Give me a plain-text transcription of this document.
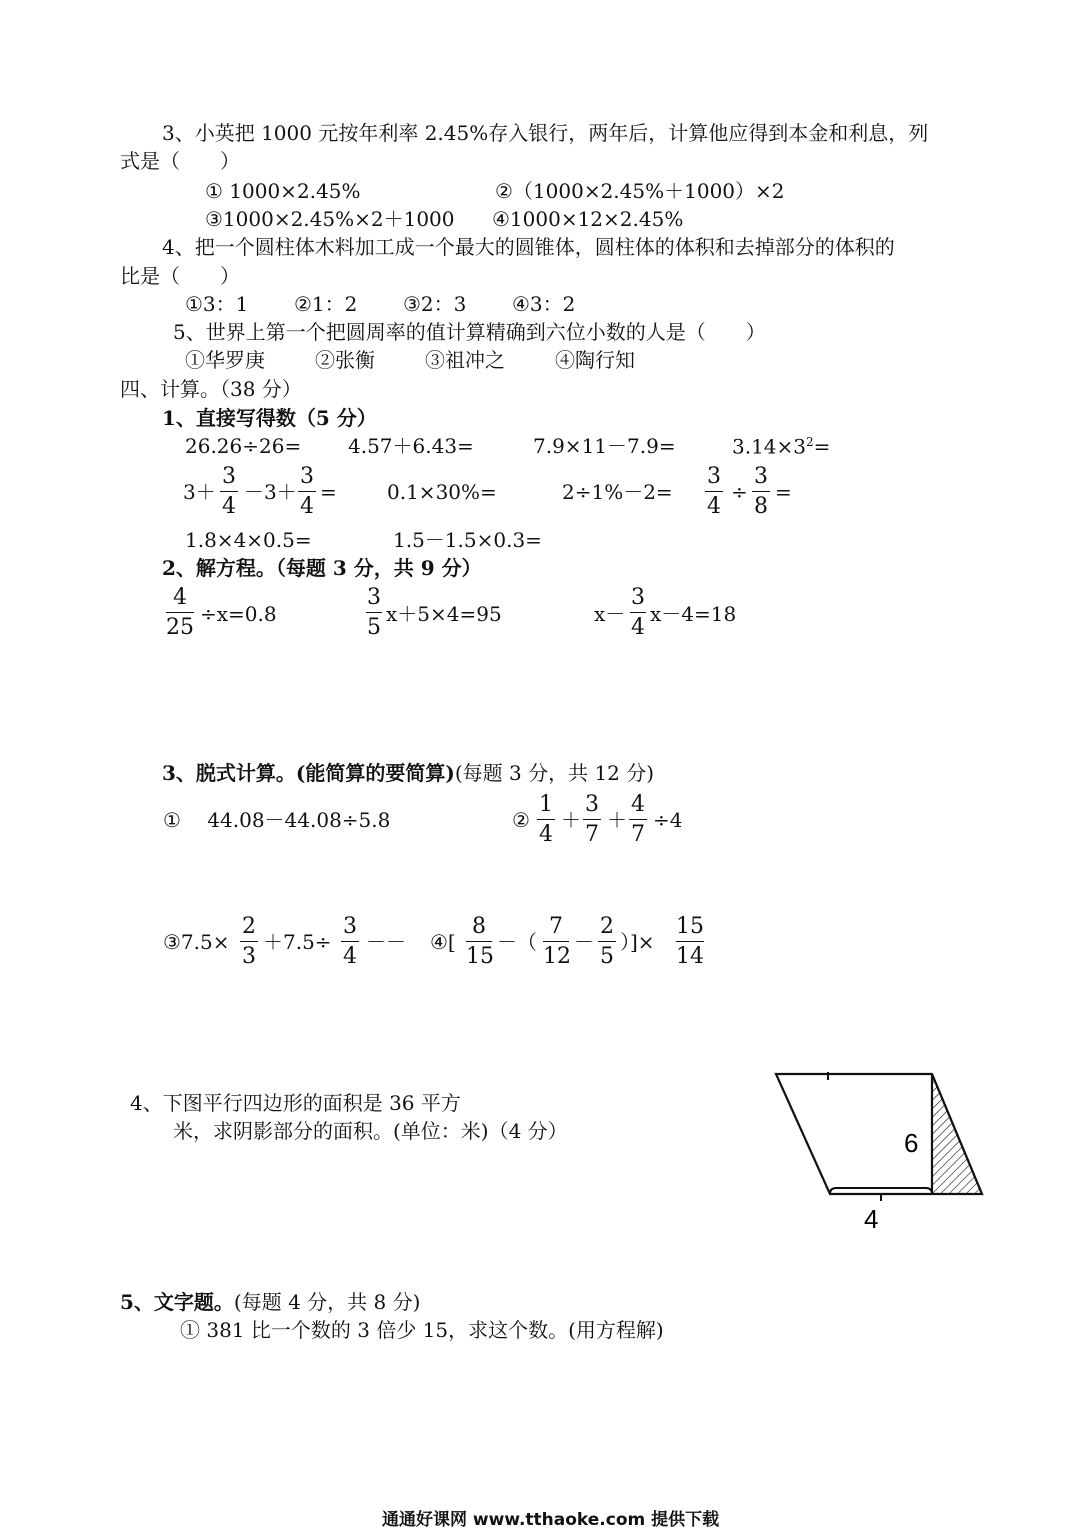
3、小英把 1000 元按年利率 2.45%存入银行，两年后，计算他应得到本金和利息，列
式是（　　）
① 1000×2.45%	②（1000×2.45%＋1000）×2
③1000×2.45%×2＋1000 ④1000×12×2.45%
4、把一个圆柱体木料加工成一个最大的圆锥体，圆柱体的体积和去掉部分的体积的
比是（　　）
①3：1 ②1：2 ③2：3 ④3：2
5、世界上第一个把圆周率的值计算精确到六位小数的人是（　　）
①华罗庚	②张衡	③祖冲之	④陶行知
四、计算。（38 分）
1、直接写得数（5 分）
26.26÷26= 4.57＋6.43=	7.9×11－7.9=	$3.14\times 3^2=$
3＋
3
4
－3＋
3
4
=	0.1×30%=	2÷1%－2=
3
4
÷
3
8
=
1.8×4×0.5=	1.5－1.5×0.3=
2、解方程。（每题 3 分，共 9 分）
4
25
÷x=0.8
3
5
x＋5×4=95	x－
3
4
x－4=18
3、脱式计算。(能简算的要简算)(每题 3 分，共 12 分)
①　 44.08－44.08÷5.8	②
1
4
＋
3
7
＋
4
7
÷4
③7.5×
2
3
＋7.5÷
3
4
－－ ④[
8
15
－（
7
12
－
2
5
）]×
15
14
4、下图平行四边形的面积是 36 平方
米，求阴影部分的面积。(单位：米)（4 分）	6
4
5、文字题。(每题 4 分，共 8 分)
① 381 比一个数的 3 倍少 15，求这个数。(用方程解)
通通好课网 www.tthaoke.com 提供下载
